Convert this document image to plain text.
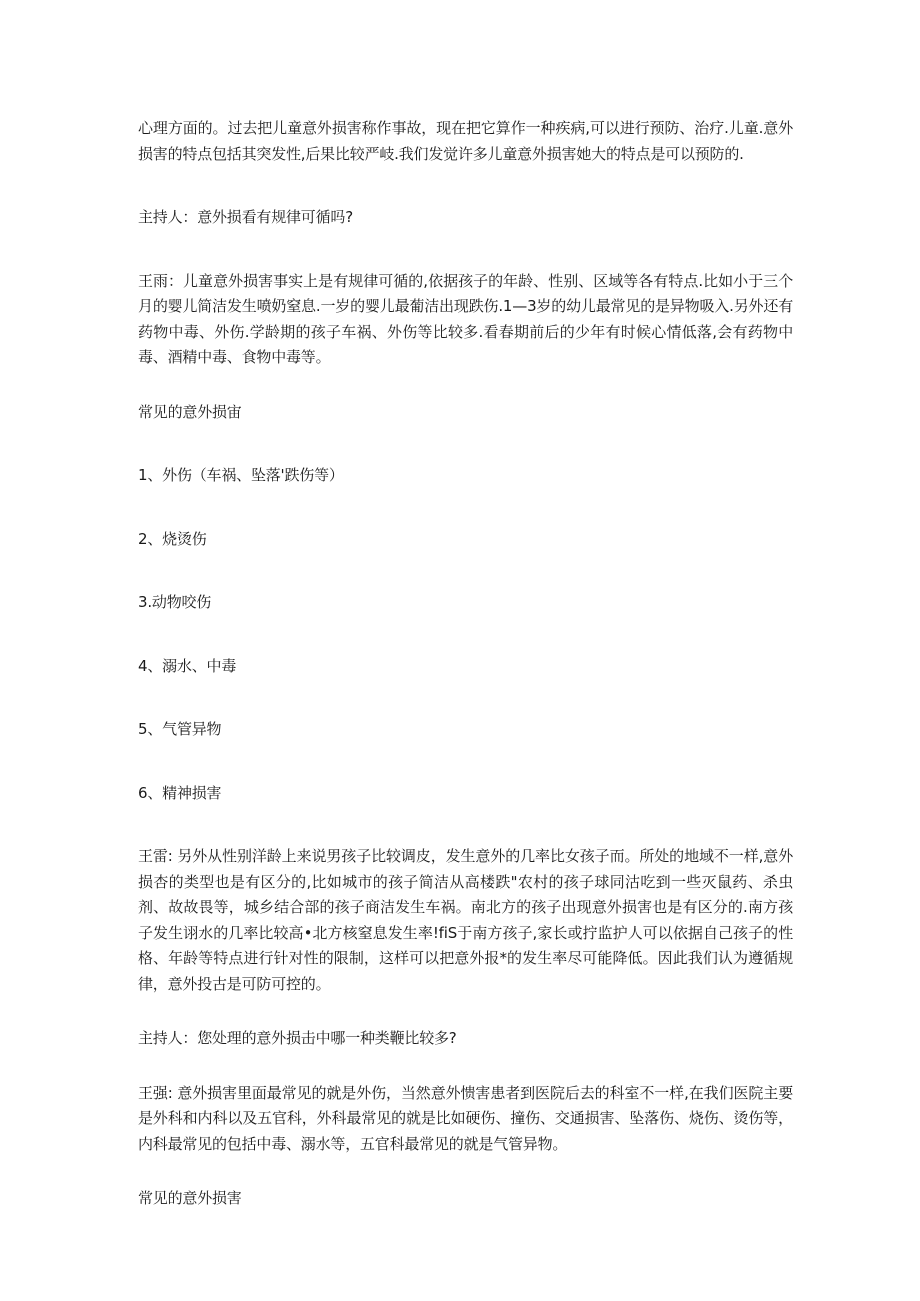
心理方面的。过去把儿童意外损害称作事故，现在把它算作一种疾病,可以进行预防、治疗.儿童.意外损害的特点包括其突发性,后果比较严岐.我们发觉许多儿童意外损害她大的特点是可以预防的.

主持人：意外损看有规律可循吗?

王雨：儿童意外损害事实上是有规律可循的,依据孩子的年龄、性别、区域等各有特点.比如小于三个月的婴儿简洁发生喷奶窒息.一岁的婴儿最葡洁出现跌伤.1—3岁的幼儿最常见的是异物吸入.另外还有药物中毒、外伤.学龄期的孩子车祸、外伤等比较多.看春期前后的少年有时候心情低落,会有药物中毒、酒精中毒、食物中毒等。

常见的意外损宙

1、外伤（车祸、坠落'跌伤等）

2、烧烫伤

3.动物咬伤

4、溺水、中毒

5、气管异物

6、精神损害

王雷: 另外从性别洋龄上来说男孩子比较调皮，发生意外的几率比女孩子而。所处的地域不一样,意外损杏的类型也是有区分的,比如城市的孩子简洁从高楼跌"农村的孩子球同沽吃到一些灭鼠药、杀虫剂、故故畏等，城乡结合部的孩子商洁发生车祸。南北方的孩子出现意外损害也是有区分的.南方孩子发生诩水的几率比较高•北方核窒息发生率!fiS于南方孩子,家长或拧监护人可以依据自己孩子的性格、年龄等特点进行针对性的限制，这样可以把意外报*的发生率尽可能降低。因此我们认为遵循规律，意外投古是可防可控的。

主持人：您处理的意外损击中哪一种类鞭比较多?

王强: 意外损害里面最常见的就是外伤，当然意外愦害患者到医院后去的科室不一样,在我们医院主要是外科和内科以及五官科，外科最常见的就是比如硬伤、撞伤、交通损害、坠落伤、烧伤、烫伤等，内科最常见的包括中毒、溺水等，五官科最常见的就是气管异物。

常见的意外损害
